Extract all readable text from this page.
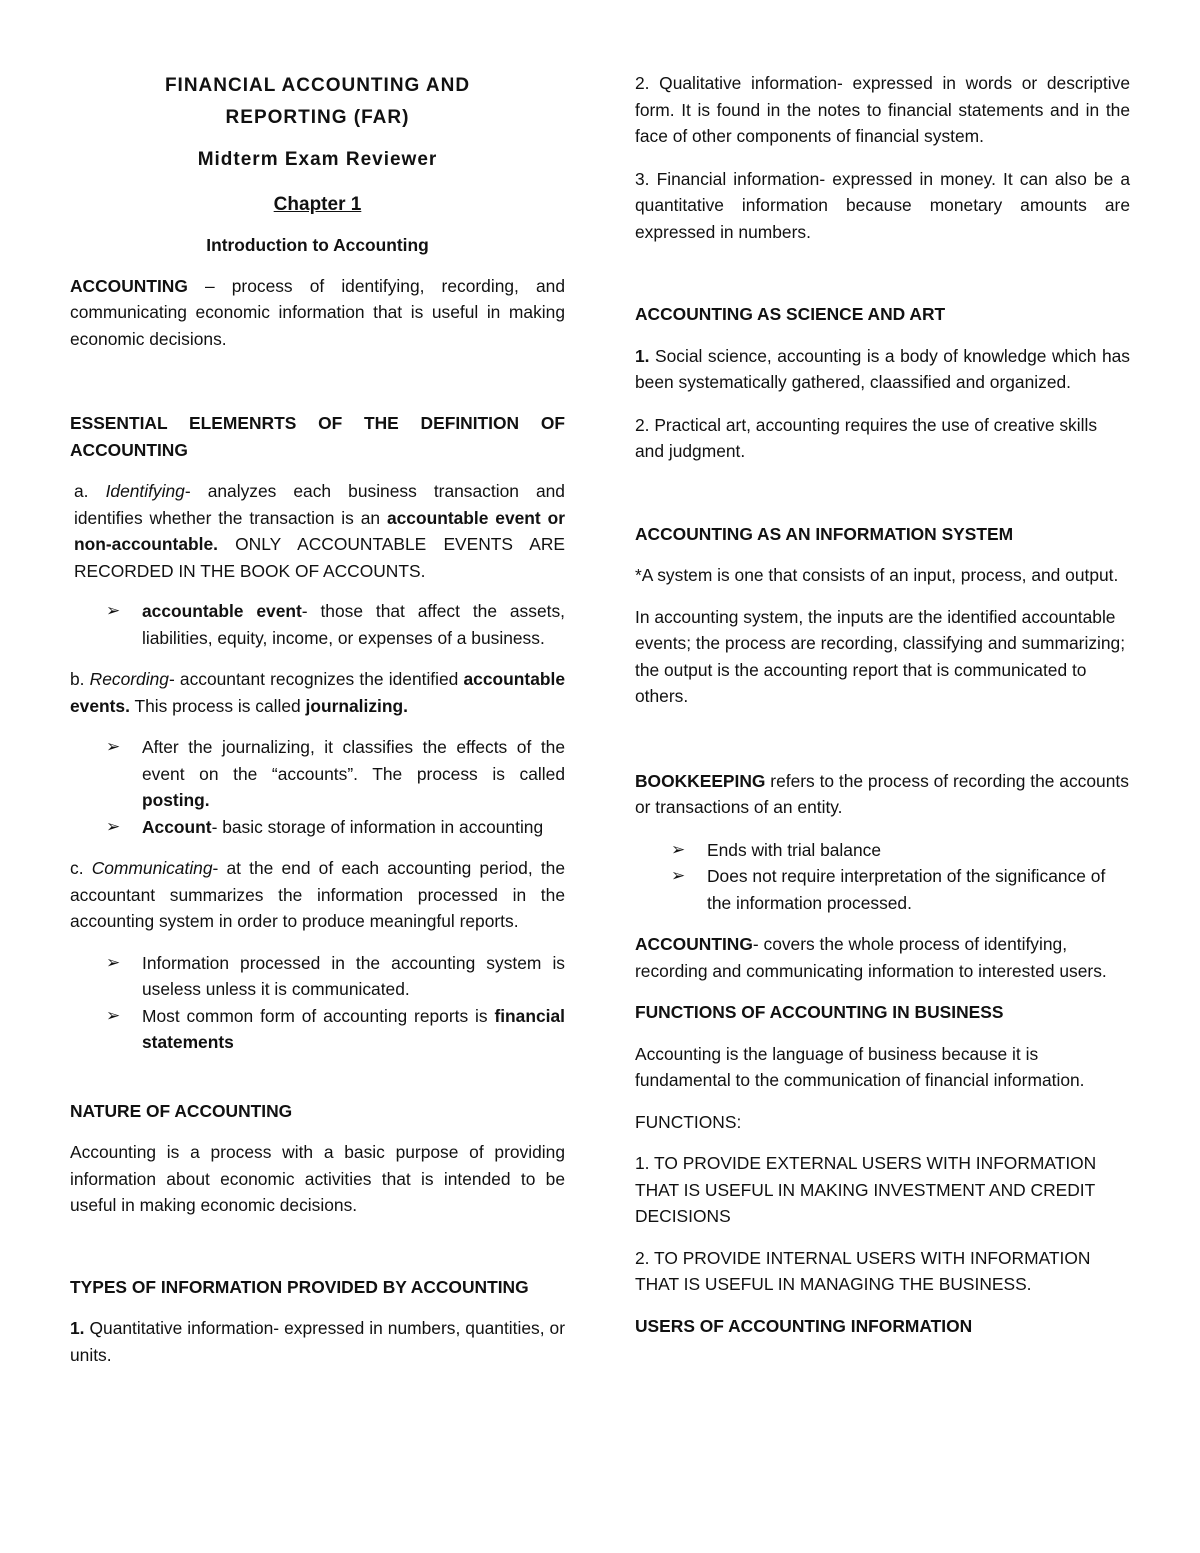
FINANCIAL ACCOUNTING AND
REPORTING (FAR)

Midterm Exam Reviewer

Chapter 1

Introduction to Accounting

ACCOUNTING – process of identifying, recording, and communicating economic information that is useful in making economic decisions.

ESSENTIAL ELEMENRTS OF THE DEFINITION OF ACCOUNTING

a. Identifying- analyzes each business transaction and identifies whether the transaction is an accountable event or non-accountable. ONLY ACCOUNTABLE EVENTS ARE RECORDED IN THE BOOK OF ACCOUNTS.

➢ accountable event- those that affect the assets, liabilities, equity, income, or expenses of a business.

b. Recording- accountant recognizes the identified accountable events. This process is called journalizing.

➢ After the journalizing, it classifies the effects of the event on the “accounts”. The process is called posting.
➢ Account- basic storage of information in accounting

c. Communicating- at the end of each accounting period, the accountant summarizes the information processed in the accounting system in order to produce meaningful reports.

➢ Information processed in the accounting system is useless unless it is communicated.
➢ Most common form of accounting reports is financial statements

NATURE OF ACCOUNTING

Accounting is a process with a basic purpose of providing information about economic activities that is intended to be useful in making economic decisions.

TYPES OF INFORMATION PROVIDED BY ACCOUNTING

1. Quantitative information- expressed in numbers, quantities, or units.

2. Qualitative information- expressed in words or descriptive form. It is found in the notes to financial statements and in the face of other components of financial system.

3. Financial information- expressed in money. It can also be a quantitative information because monetary amounts are expressed in numbers.

ACCOUNTING AS SCIENCE AND ART

1. Social science, accounting is a body of knowledge which has been systematically gathered, claassified and organized.

2. Practical art, accounting requires the use of creative skills and judgment.

ACCOUNTING AS AN INFORMATION SYSTEM

*A system is one that consists of an input, process, and output.

In accounting system, the inputs are the identified accountable events; the process are recording, classifying and summarizing; the output is the accounting report that is communicated to others.

BOOKKEEPING refers to the process of recording the accounts or transactions of an entity.

➢ Ends with trial balance
➢ Does not require interpretation of the significance of the information processed.

ACCOUNTING- covers the whole process of identifying, recording and communicating information to interested users.

FUNCTIONS OF ACCOUNTING IN BUSINESS

Accounting is the language of business because it is fundamental to the communication of financial information.

FUNCTIONS:

1. TO PROVIDE EXTERNAL USERS WITH INFORMATION THAT IS USEFUL IN MAKING INVESTMENT AND CREDIT DECISIONS

2. TO PROVIDE INTERNAL USERS WITH INFORMATION THAT IS USEFUL IN MANAGING THE BUSINESS.

USERS OF ACCOUNTING INFORMATION
